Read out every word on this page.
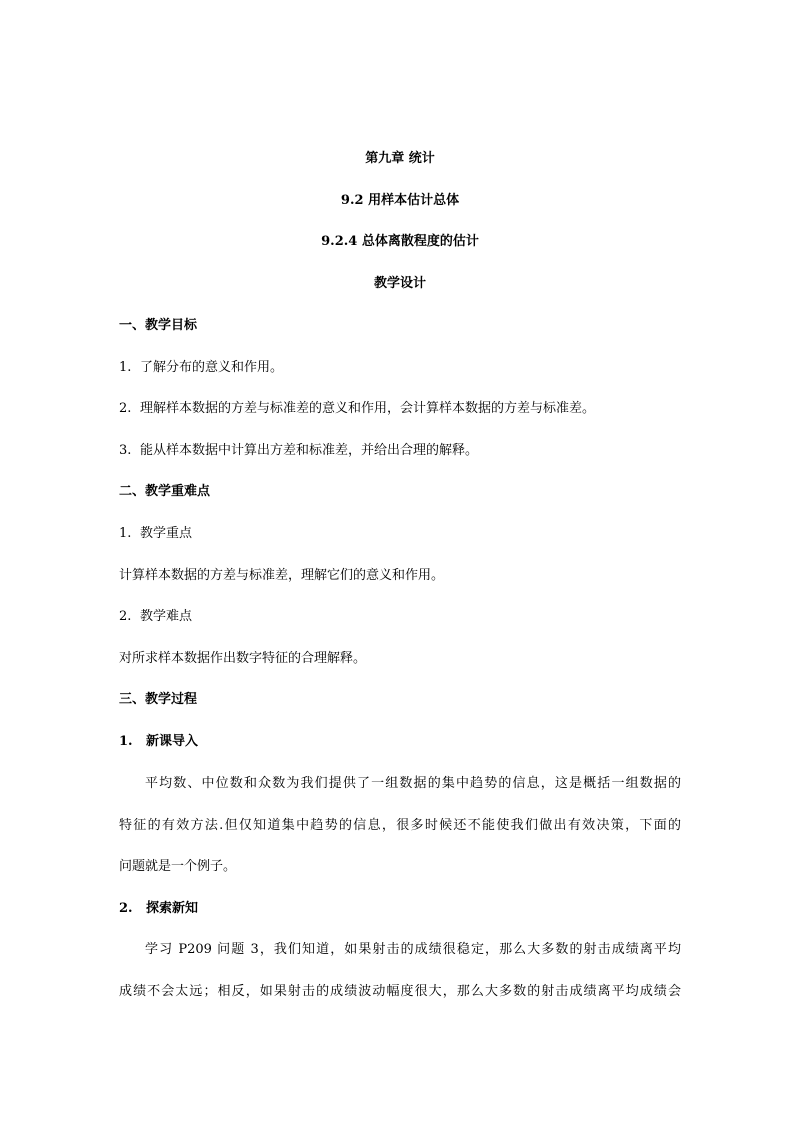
第九章 统计
9.2 用样本估计总体
9.2.4 总体离散程度的估计
教学设计
一、教学目标
1. 了解分布的意义和作用。
2. 理解样本数据的方差与标准差的意义和作用，会计算样本数据的方差与标准差。
3. 能从样本数据中计算出方差和标准差，并给出合理的解释。
二、教学重难点
1. 教学重点
计算样本数据的方差与标准差，理解它们的意义和作用。
2. 教学难点
对所求样本数据作出数字特征的合理解释。
三、教学过程
1. 新课导入
平均数、中位数和众数为我们提供了一组数据的集中趋势的信息，这是概括一组数据的
特征的有效方法.但仅知道集中趋势的信息，很多时候还不能使我们做出有效决策，下面的
问题就是一个例子。
2. 探索新知
学习 P209 问题 3，我们知道，如果射击的成绩很稳定，那么大多数的射击成绩离平均
成绩不会太远；相反，如果射击的成绩波动幅度很大，那么大多数的射击成绩离平均成绩会
